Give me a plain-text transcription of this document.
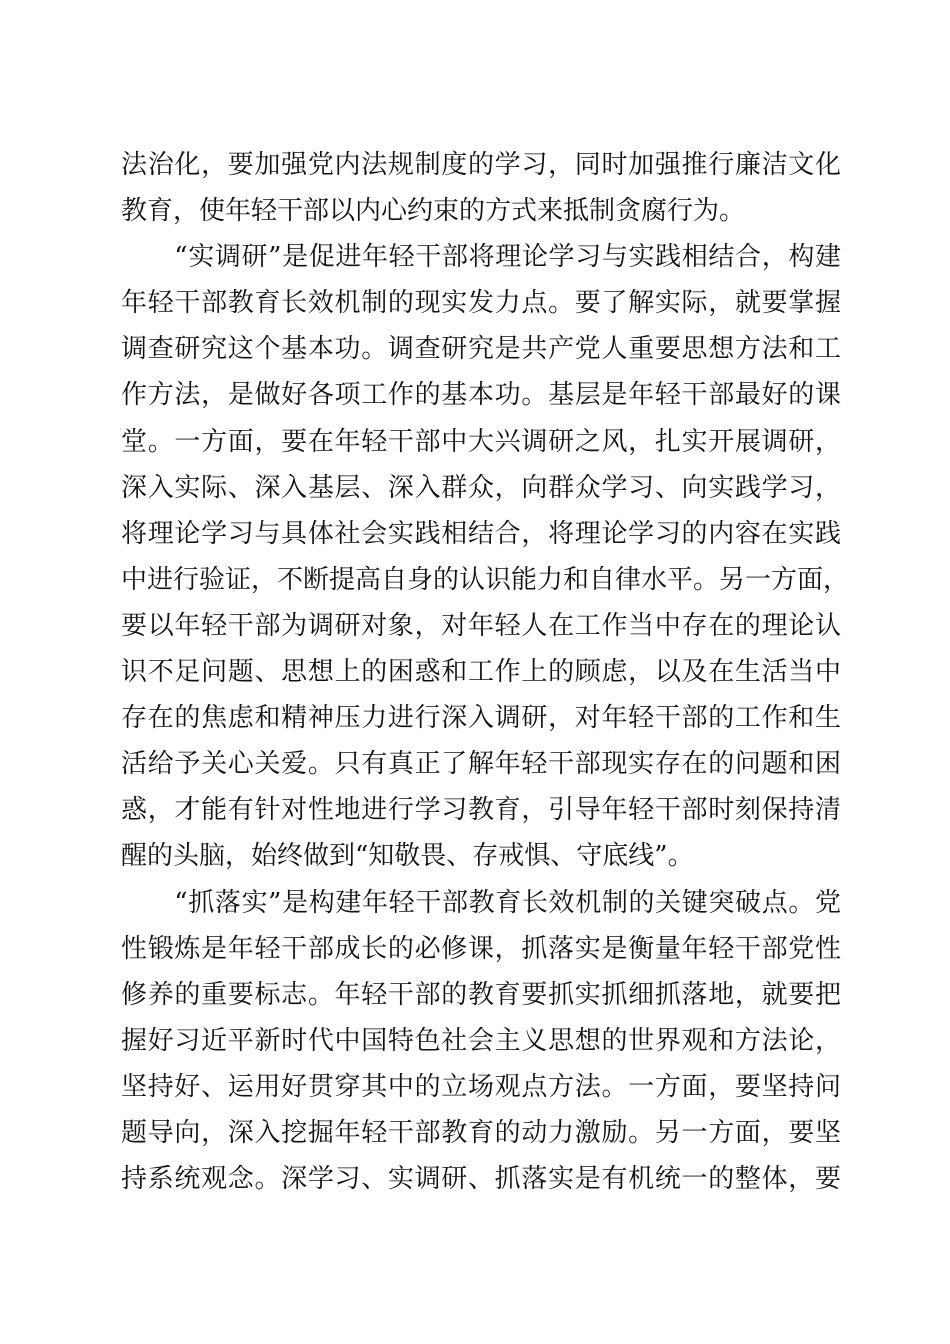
法治化，要加强党内法规制度的学习，同时加强推行廉洁文化
教育，使年轻干部以内心约束的方式来抵制贪腐行为。
　　“实调研”是促进年轻干部将理论学习与实践相结合，构建
年轻干部教育长效机制的现实发力点。要了解实际，就要掌握
调查研究这个基本功。调查研究是共产党人重要思想方法和工
作方法，是做好各项工作的基本功。基层是年轻干部最好的课
堂。一方面，要在年轻干部中大兴调研之风，扎实开展调研，
深入实际、深入基层、深入群众，向群众学习、向实践学习，
将理论学习与具体社会实践相结合，将理论学习的内容在实践
中进行验证，不断提高自身的认识能力和自律水平。另一方面，
要以年轻干部为调研对象，对年轻人在工作当中存在的理论认
识不足问题、思想上的困惑和工作上的顾虑，以及在生活当中
存在的焦虑和精神压力进行深入调研，对年轻干部的工作和生
活给予关心关爱。只有真正了解年轻干部现实存在的问题和困
惑，才能有针对性地进行学习教育，引导年轻干部时刻保持清
醒的头脑，始终做到“知敬畏、存戒惧、守底线”。
　　“抓落实”是构建年轻干部教育长效机制的关键突破点。党
性锻炼是年轻干部成长的必修课，抓落实是衡量年轻干部党性
修养的重要标志。年轻干部的教育要抓实抓细抓落地，就要把
握好习近平新时代中国特色社会主义思想的世界观和方法论，
坚持好、运用好贯穿其中的立场观点方法。一方面，要坚持问
题导向，深入挖掘年轻干部教育的动力激励。另一方面，要坚
持系统观念。深学习、实调研、抓落实是有机统一的整体，要
